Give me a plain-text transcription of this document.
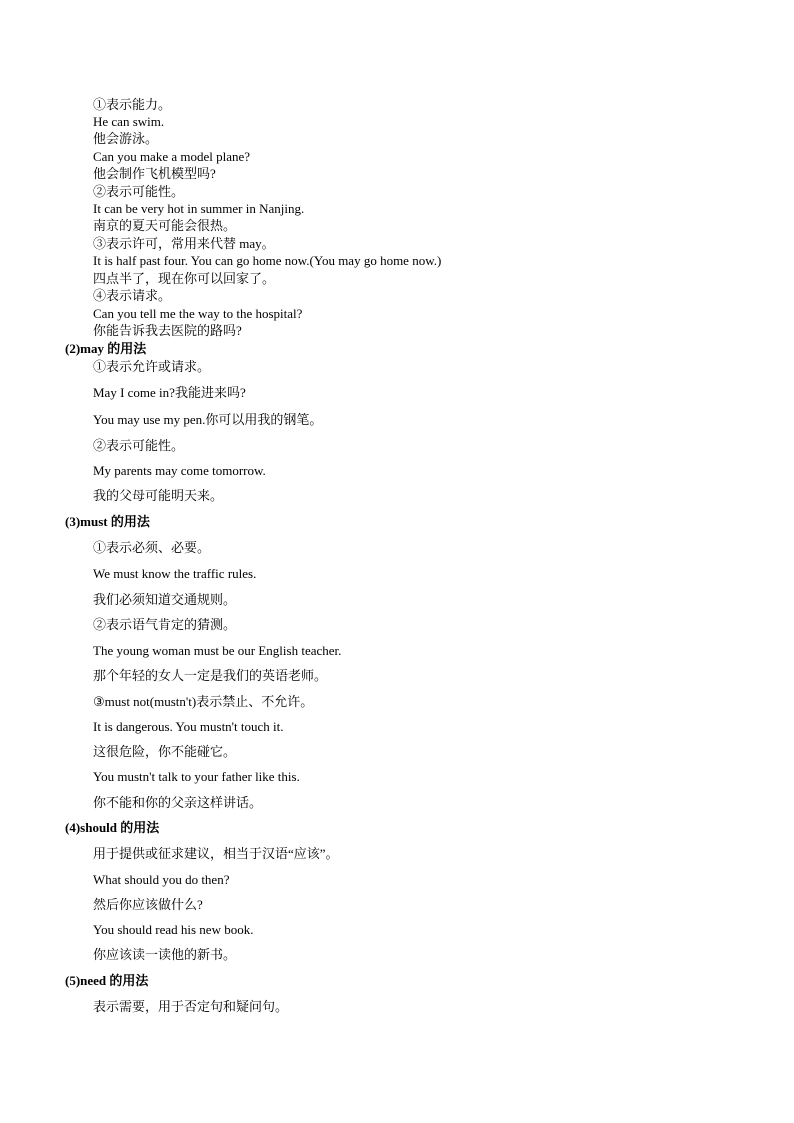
①表示能力。
He can swim.
他会游泳。
Can you make a model plane?
他会制作飞机模型吗?
②表示可能性。
It can be very hot in summer in Nanjing.
南京的夏天可能会很热。
③表示许可，常用来代替 may。
It is half past four. You can go home now.(You may go home now.)
四点半了，现在你可以回家了。
④表示请求。
Can you tell me the way to the hospital?
你能告诉我去医院的路吗?
(2)may 的用法
①表示允许或请求。
May I come in?我能进来吗?
You may use my pen.你可以用我的钢笔。
②表示可能性。
My parents may come tomorrow.
我的父母可能明天来。
(3)must 的用法
①表示必须、必要。
We must know the traffic rules.
我们必须知道交通规则。
②表示语气肯定的猜测。
The young woman must be our English teacher.
那个年轻的女人一定是我们的英语老师。
③must not(mustn't)表示禁止、不允许。
It is dangerous. You mustn't touch it.
这很危险，你不能碰它。
You mustn't talk to your father like this.
你不能和你的父亲这样讲话。
(4)should 的用法
用于提供或征求建议，相当于汉语“应该”。
What should you do then?
然后你应该做什么?
You should read his new book.
你应该读一读他的新书。
(5)need 的用法
表示需要，用于否定句和疑问句。
